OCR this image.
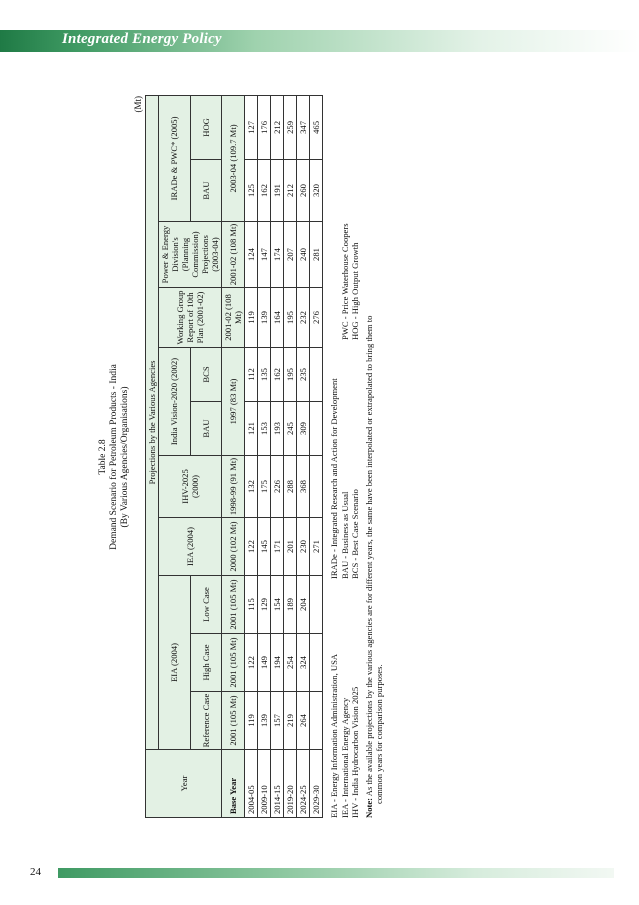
Integrated Energy Policy
Table 2.8 Demand Scenario for Petroleum Products - India (By Various Agencies/Organisations)
(Mt)
Year	Projections by the Various Agencies										
	EIA (2004)			IEA (2004)	IHV-2025 (2000)	India Vision-2020 (2002)		Working Group Report of 10th Plan (2001-02)	Power & Energy Division's (Planning Commission) Projections (2003-04)	IRADe & PWC* (2005)	
	Reference Case	High Case	Low Case			BAU	BCS			BAU	HOG
Base Year	2001 (105 Mt)	2001 (105 Mt)	2001 (105 Mt)	2000 (102 Mt)	1998-99 (91 Mt)	1997 (83 Mt)		2001-02 (108 Mt)	2001-02 (108 Mt)	2003-04 (109.7 Mt)	
2004-05	119	122	115	122	132	121	112	119	124	125	127
2009-10	139	149	129	145	175	153	135	139	147	162	176
2014-15	157	194	154	171	226	193	162	164	174	191	212
2019-20	219	254	189	201	288	245	195	195	207	212	259
2024-25	264	324	204	230	368	309	235	232	240	260	347
2029-30				271				276	281	320	465
EIA - Energy Information Administration, USA IEA - International Energy Agency IHV - India Hydrocarbon Vision 2025
IRADe - Integrated Research and Action for Development BAU - Business as Usual BCS - Best Case Scenario

PWC - Price Waterhouse Coopers HOG - High Output Growth
Note: As the available projections by the various agencies are for different years, the same have been interpolated or extrapolated to bring them to common years for comparison purposes.
24
